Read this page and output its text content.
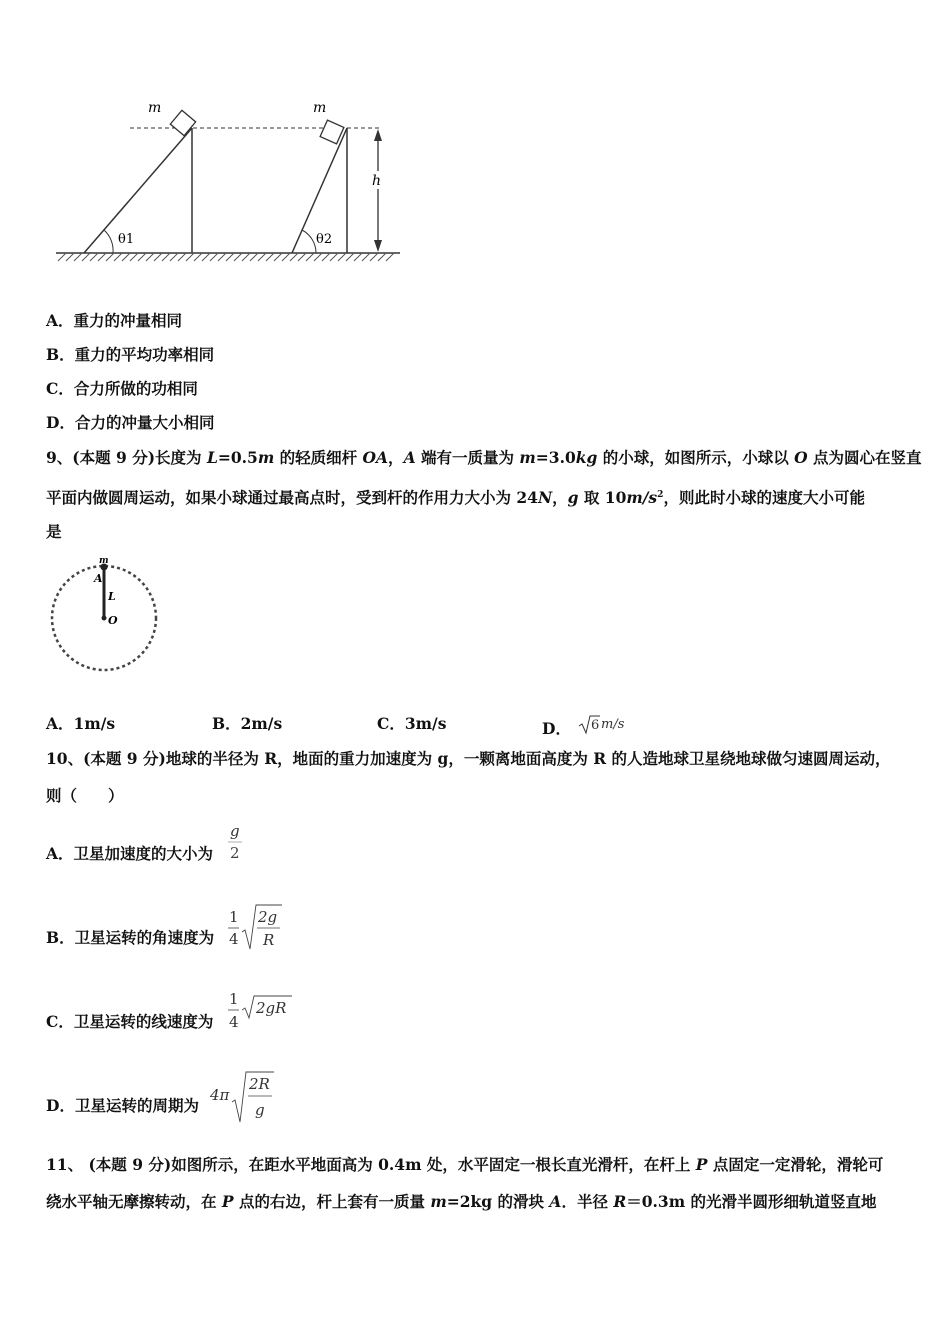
m
θ1
m
θ2
h
A．重力的冲量相同
B．重力的平均功率相同
C．合力所做的功相同
D．合力的冲量大小相同
9、(本题 9 分)长度为 L=0.5m 的轻质细杆 OA，A 端有一质量为 m=3.0kg 的小球，如图所示，小球以 O 点为圆心在竖直
平面内做圆周运动，如果小球通过最高点时，受到杆的作用力大小为 24N，g 取 $10m/s^2$，则此时小球的速度大小可能
是
m
A
L
O
A．1m/s	B．2m/s	C．3m/s	D． 6 m/s
10、(本题 9 分)地球的半径为 R，地面的重力加速度为 g，一颗离地面高度为 R 的人造地球卫星绕地球做匀速圆周运动，
则（　　）
A．卫星加速度的大小为
g
2
B．卫星运转的角速度为
1
4
2g
R
C．卫星运转的线速度为
1
4
2gR
D．卫星运转的周期为
4π
2R
g
11、 (本题 9 分)如图所示，在距水平地面高为 0.4m 处，水平固定一根长直光滑杆，在杆上 P 点固定一定滑轮，滑轮可
绕水平轴无摩擦转动，在 P 点的右边，杆上套有一质量 m=2kg 的滑块 A．半径 R＝0.3m 的光滑半圆形细轨道竖直地
